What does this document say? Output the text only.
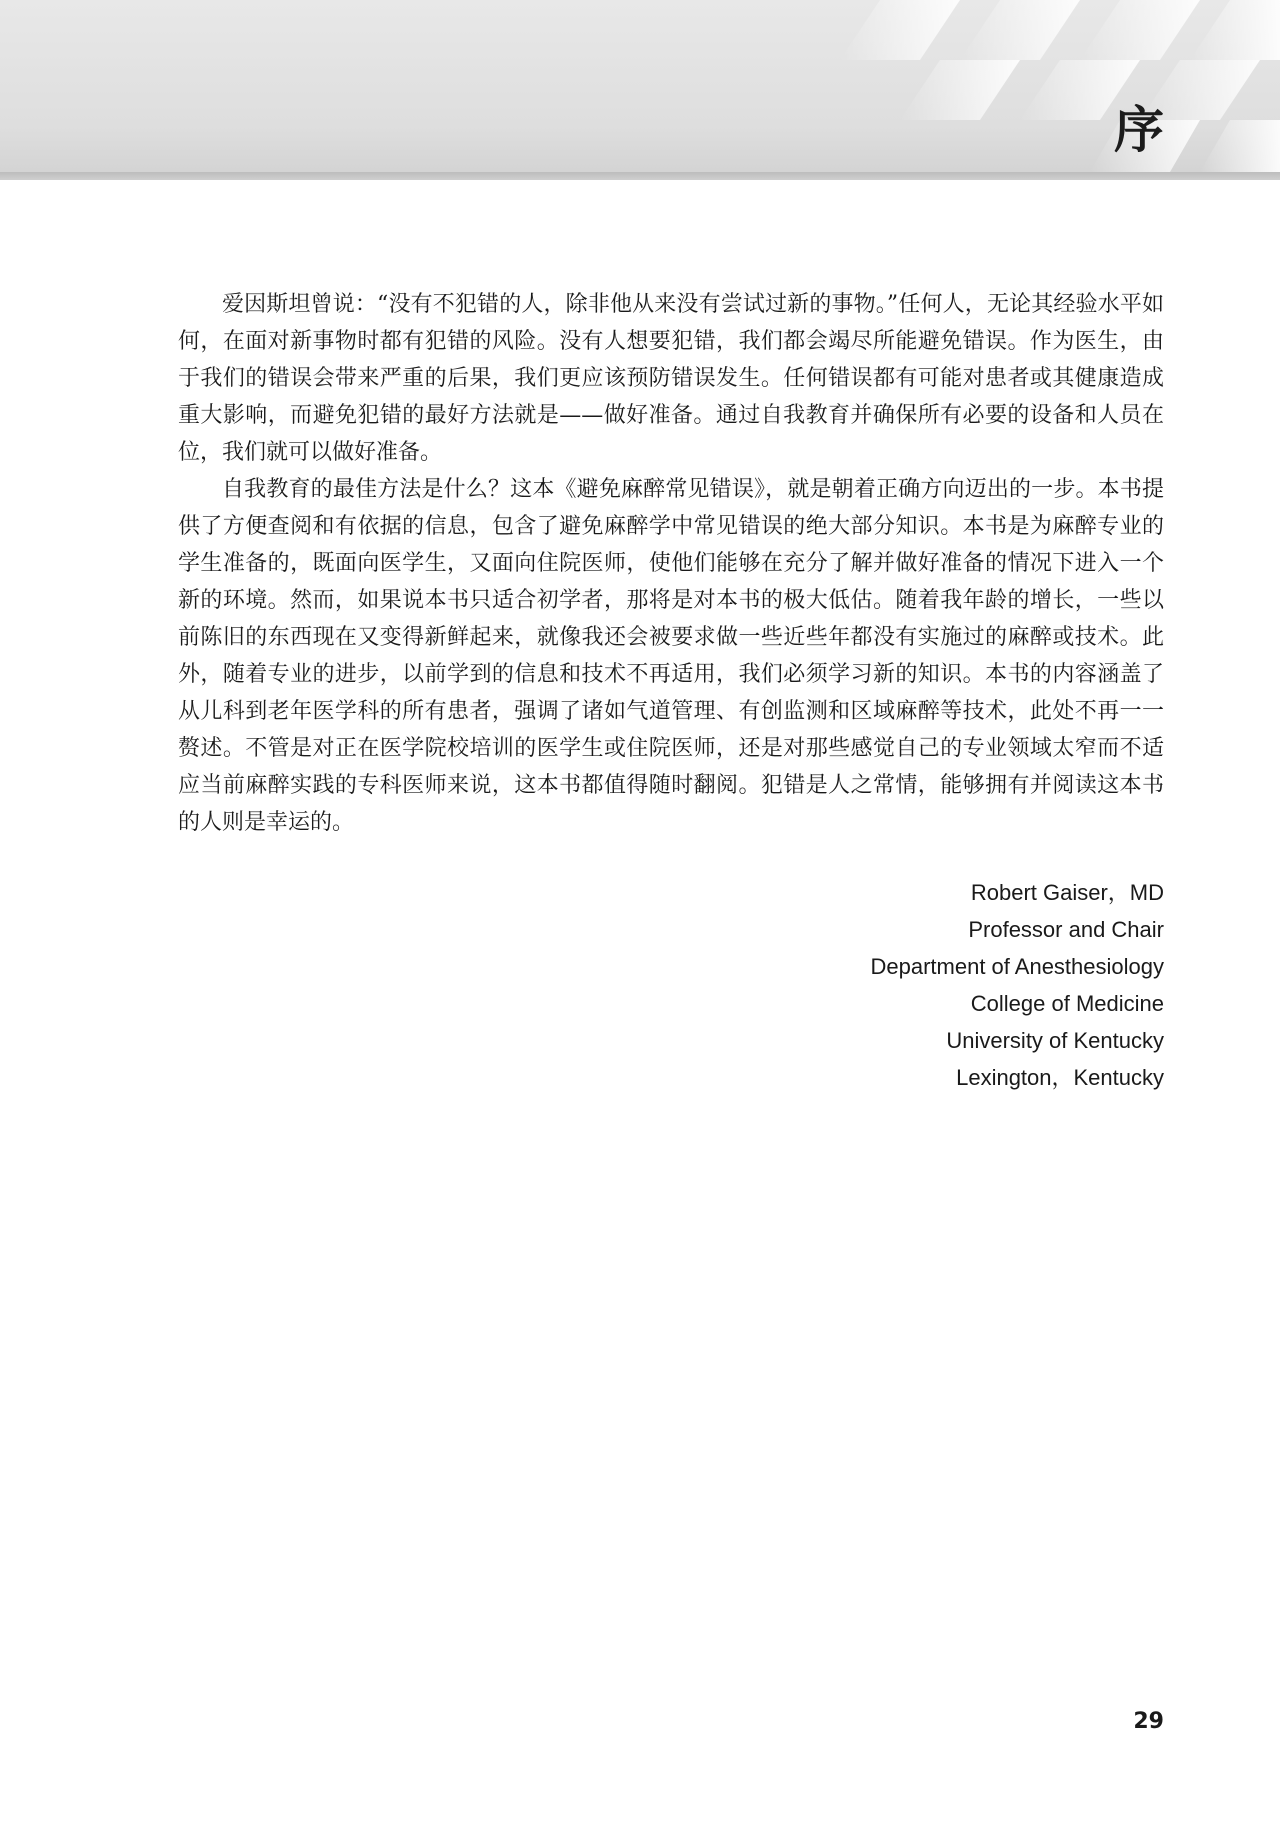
序

爱因斯坦曾说：“没有不犯错的人，除非他从来没有尝试过新的事物。”任何人，无论其经验水平如何，在面对新事物时都有犯错的风险。没有人想要犯错，我们都会竭尽所能避免错误。作为医生，由于我们的错误会带来严重的后果，我们更应该预防错误发生。任何错误都有可能对患者或其健康造成重大影响，而避免犯错的最好方法就是——做好准备。通过自我教育并确保所有必要的设备和人员在位，我们就可以做好准备。

自我教育的最佳方法是什么？这本《避免麻醉常见错误》，就是朝着正确方向迈出的一步。本书提供了方便查阅和有依据的信息，包含了避免麻醉学中常见错误的绝大部分知识。本书是为麻醉专业的学生准备的，既面向医学生，又面向住院医师，使他们能够在充分了解并做好准备的情况下进入一个新的环境。然而，如果说本书只适合初学者，那将是对本书的极大低估。随着我年龄的增长，一些以前陈旧的东西现在又变得新鲜起来，就像我还会被要求做一些近些年都没有实施过的麻醉或技术。此外，随着专业的进步，以前学到的信息和技术不再适用，我们必须学习新的知识。本书的内容涵盖了从儿科到老年医学科的所有患者，强调了诸如气道管理、有创监测和区域麻醉等技术，此处不再一一赘述。不管是对正在医学院校培训的医学生或住院医师，还是对那些感觉自己的专业领域太窄而不适应当前麻醉实践的专科医师来说，这本书都值得随时翻阅。犯错是人之常情，能够拥有并阅读这本书的人则是幸运的。

Robert Gaiser，MD
Professor and Chair
Department of Anesthesiology
College of Medicine
University of Kentucky
Lexington，Kentucky
29
